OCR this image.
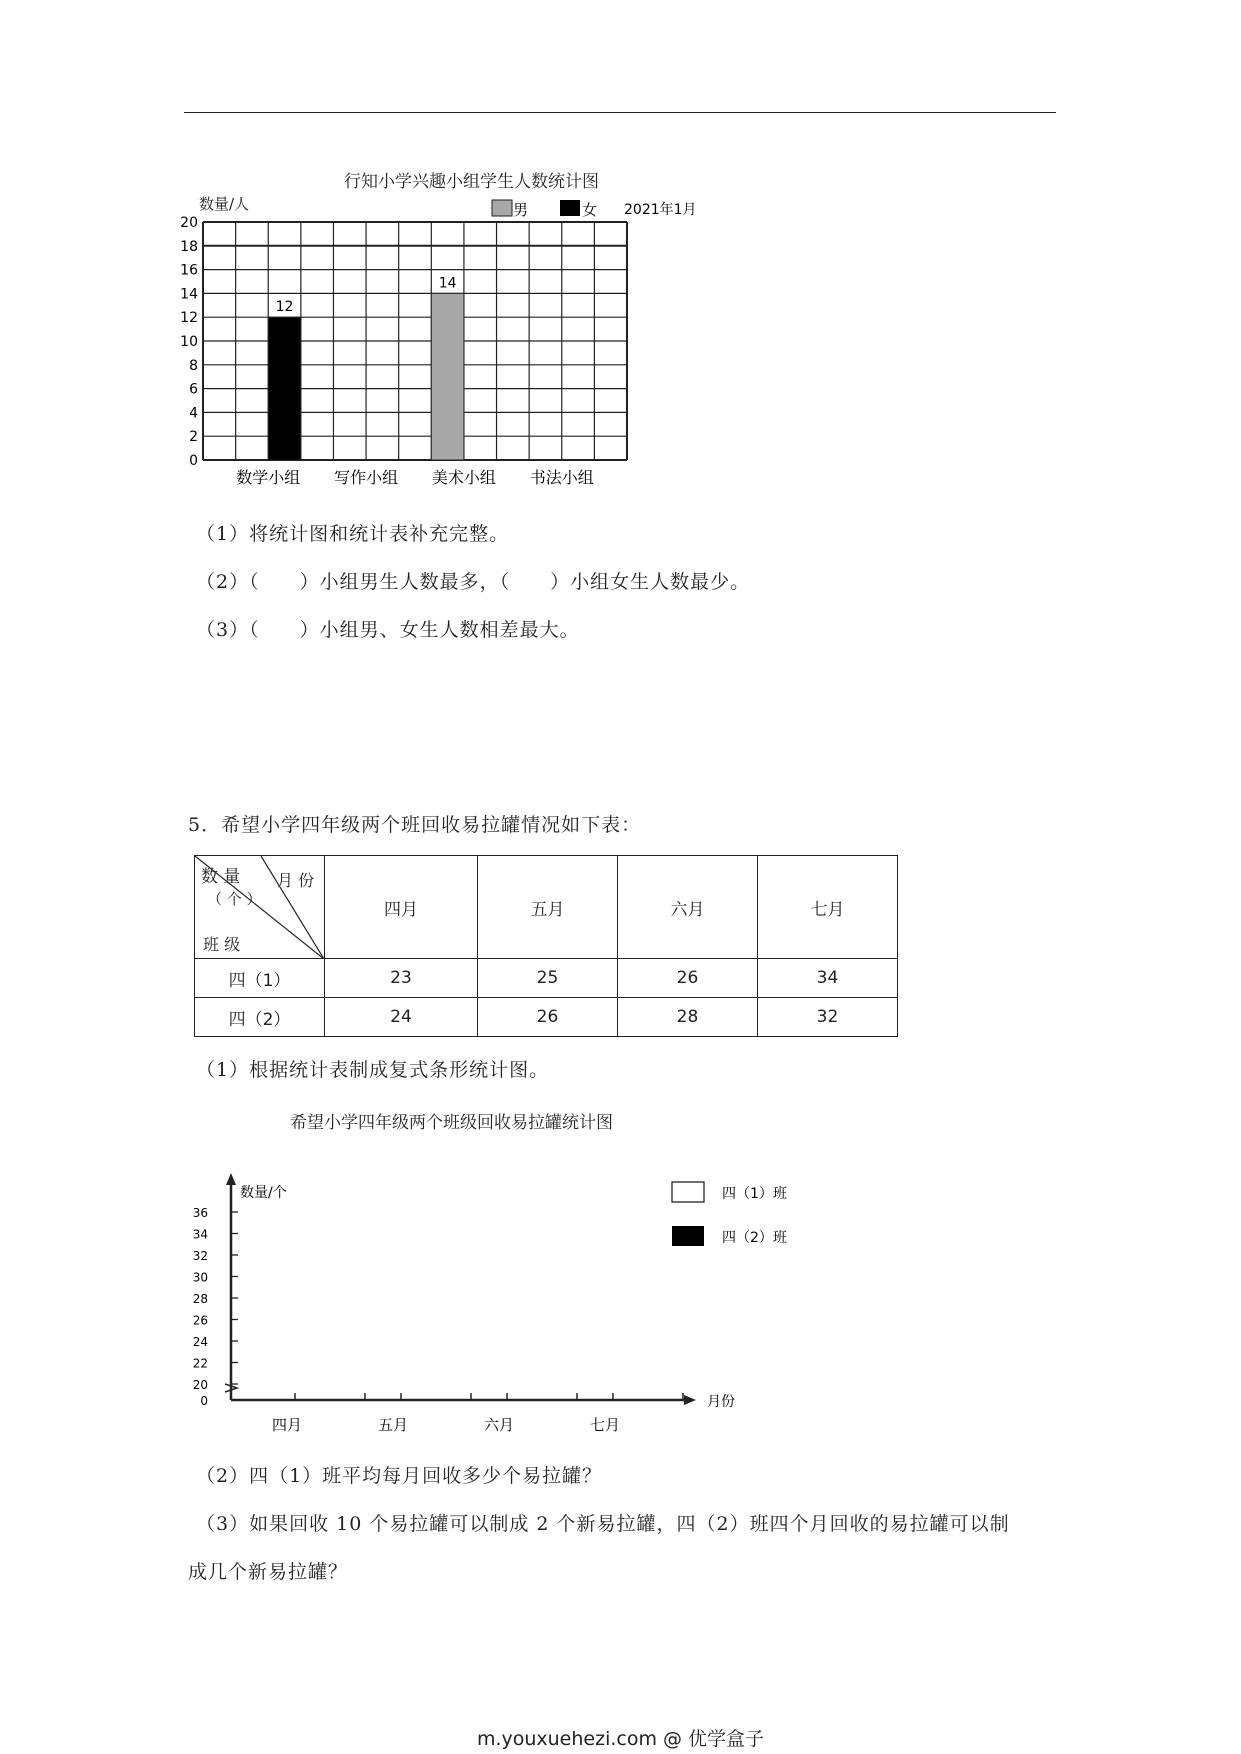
行知小学兴趣小组学生人数统计图
数量/人	男	女 2021年1月
0
2
4
6
8
10
12
14
16
18
20
12
14
数学小组 写作小组 美术小组 书法小组
（1）将统计图和统计表补充完整。
（2）（　　）小组男生人数最多，（　　）小组女生人数最少。
（3）（　　）小组男、女生人数相差最大。
5．希望小学四年级两个班回收易拉罐情况如下表：
数 量
（ 个 ）
月 份
班 级	四月	五月	六月	七月
四（1）	23	25	26	34
四（2）	24	26	28	32
（1）根据统计表制成复式条形统计图。
希望小学四年级两个班级回收易拉罐统计图
数量/个
月份
四（1）班
四（2）班
0
20
22
24
26
28
30
32
34
36
四月	五月	六月	七月
（2）四（1）班平均每月回收多少个易拉罐？
（3）如果回收 10 个易拉罐可以制成 2 个新易拉罐，四（2）班四个月回收的易拉罐可以制
成几个新易拉罐？
m.youxuehezi.com @ 优学盒子
